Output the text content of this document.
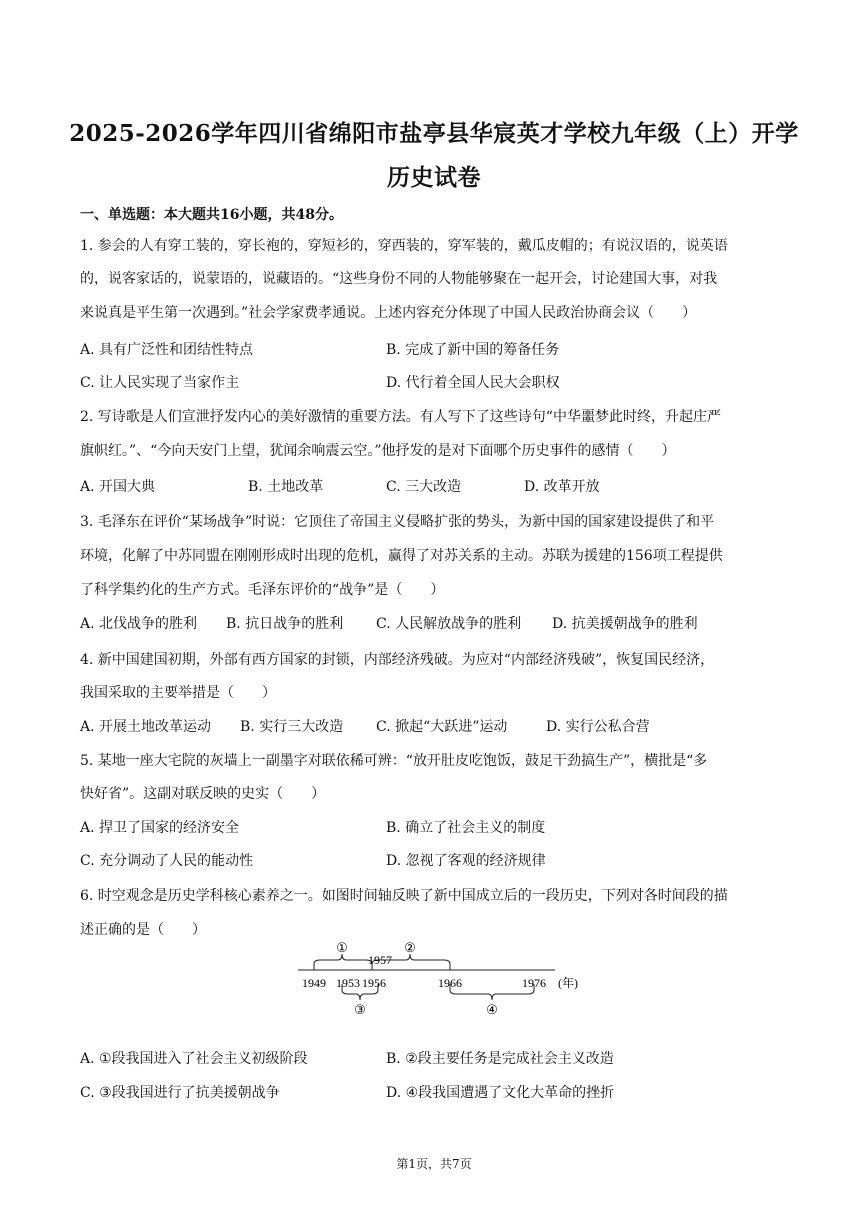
2025-2026学年四川省绵阳市盐亭县华宸英才学校九年级（上）开学
历史试卷
一、单选题：本大题共16小题，共48分。
1. 参会的人有穿工装的，穿长袍的，穿短衫的，穿西装的，穿军装的，戴瓜皮帽的；有说汉语的，说英语
的，说客家话的，说蒙语的，说藏语的。“这些身份不同的人物能够聚在一起开会，讨论建国大事，对我
来说真是平生第一次遇到。”社会学家费孝通说。上述内容充分体现了中国人民政治协商会议（　　）
A. 具有广泛性和团结性特点	B. 完成了新中国的筹备任务
C. 让人民实现了当家作主	D. 代行着全国人民大会职权
2. 写诗歌是人们宣泄抒发内心的美好激情的重要方法。有人写下了这些诗句“中华噩梦此时终，升起庄严
旗帜红。”、“今向天安门上望，犹闻余响震云空。”他抒发的是对下面哪个历史事件的感情（　　）
A. 开国大典	B. 土地改革	C. 三大改造	D. 改革开放
3. 毛泽东在评价“某场战争”时说：它顶住了帝国主义侵略扩张的势头，为新中国的国家建设提供了和平
环境，化解了中苏同盟在刚刚形成时出现的危机，赢得了对苏关系的主动。苏联为援建的156项工程提供
了科学集约化的生产方式。毛泽东评价的“战争”是（　　）
A. 北伐战争的胜利 B. 抗日战争的胜利 C. 人民解放战争的胜利 D. 抗美援朝战争的胜利
4. 新中国建国初期，外部有西方国家的封锁，内部经济残破。为应对“内部经济残破”，恢复国民经济，
我国采取的主要举措是（　　）
A. 开展土地改革运动 B. 实行三大改造 C. 掀起“大跃进”运动	D. 实行公私合营
5. 某地一座大宅院的灰墙上一副墨字对联依稀可辨：“放开肚皮吃饱饭，鼓足干劲搞生产”，横批是“多
快好省”。这副对联反映的史实（　　）
A. 捍卫了国家的经济安全	B. 确立了社会主义的制度
C. 充分调动了人民的能动性	D. 忽视了客观的经济规律
6. 时空观念是历史学科核心素养之一。如图时间轴反映了新中国成立后的一段历史，下列对各时间段的描
述正确的是（　　）
①	②
③	④
1949 1953 1956
1957
1966	1976 (年)
A. ①段我国进入了社会主义初级阶段	B. ②段主要任务是完成社会主义改造
C. ③段我国进行了抗美援朝战争	D. ④段我国遭遇了文化大革命的挫折
第1页，共7页
